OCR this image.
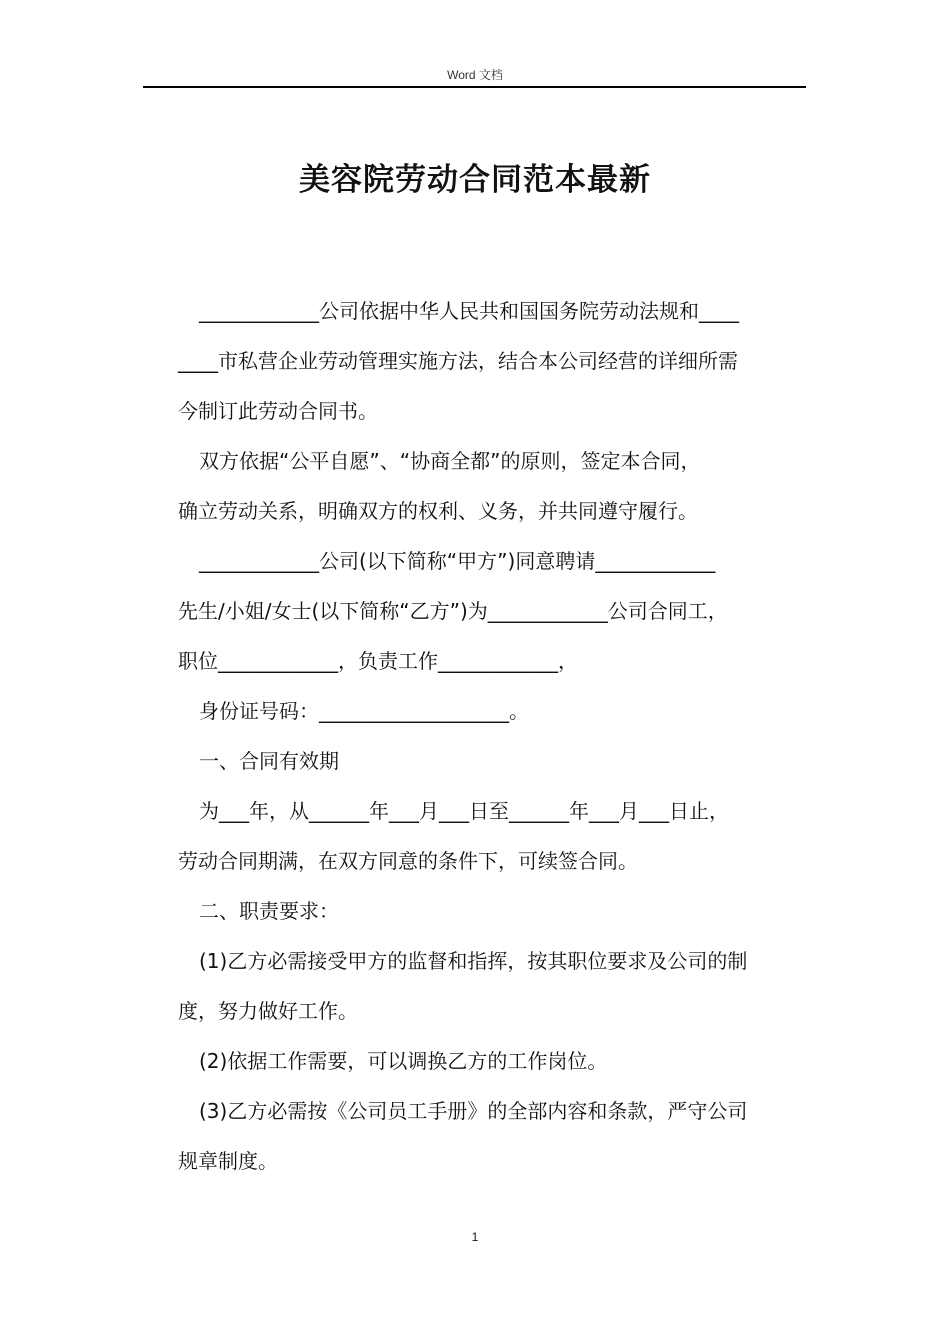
Word 文档
美容院劳动合同范本最新
____________公司依据中华人民共和国国务院劳动法规和____
____市私营企业劳动管理实施方法，结合本公司经营的详细所需
今制订此劳动合同书。
双方依据“公平自愿”、“协商全都”的原则，签定本合同，
确立劳动关系，明确双方的权利、义务，并共同遵守履行。
____________公司(以下简称“甲方”)同意聘请____________
先生/小姐/女士(以下简称“乙方”)为____________公司合同工，
职位____________，负责工作____________，
身份证号码：___________________。
一、合同有效期
为___年，从______年___月___日至______年___月___日止，
劳动合同期满，在双方同意的条件下，可续签合同。
二、职责要求：
(1)乙方必需接受甲方的监督和指挥，按其职位要求及公司的制
度，努力做好工作。
(2)依据工作需要，可以调换乙方的工作岗位。
(3)乙方必需按《公司员工手册》的全部内容和条款，严守公司
规章制度。
1
